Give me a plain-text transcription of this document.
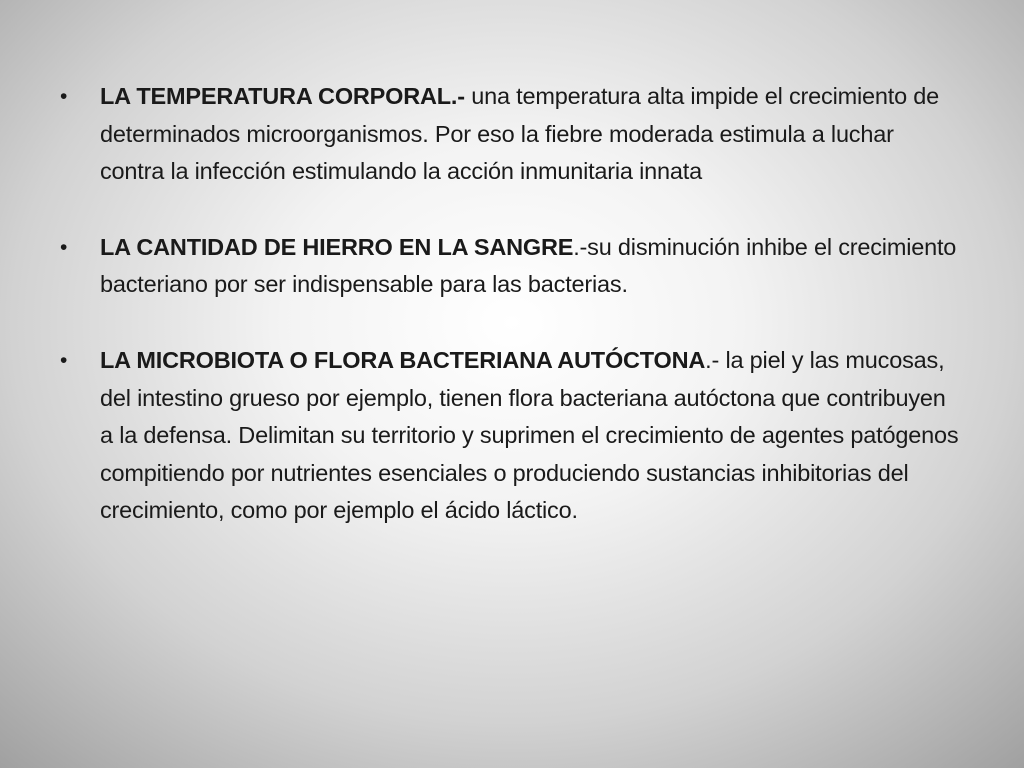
• LA TEMPERATURA CORPORAL.- una temperatura alta impide el crecimiento de determinados microorganismos. Por eso la fiebre moderada estimula a luchar contra la infección estimulando la acción inmunitaria innata
• LA CANTIDAD DE HIERRO EN LA SANGRE.-su disminución inhibe el crecimiento bacteriano por ser indispensable para las bacterias.
• LA MICROBIOTA O FLORA BACTERIANA AUTÓCTONA.- la piel y las mucosas, del intestino grueso por ejemplo, tienen flora bacteriana autóctona que contribuyen a la defensa. Delimitan su territorio y suprimen el crecimiento de agentes patógenos compitiendo por nutrientes esenciales o produciendo sustancias inhibitorias del crecimiento, como por ejemplo el ácido láctico.
